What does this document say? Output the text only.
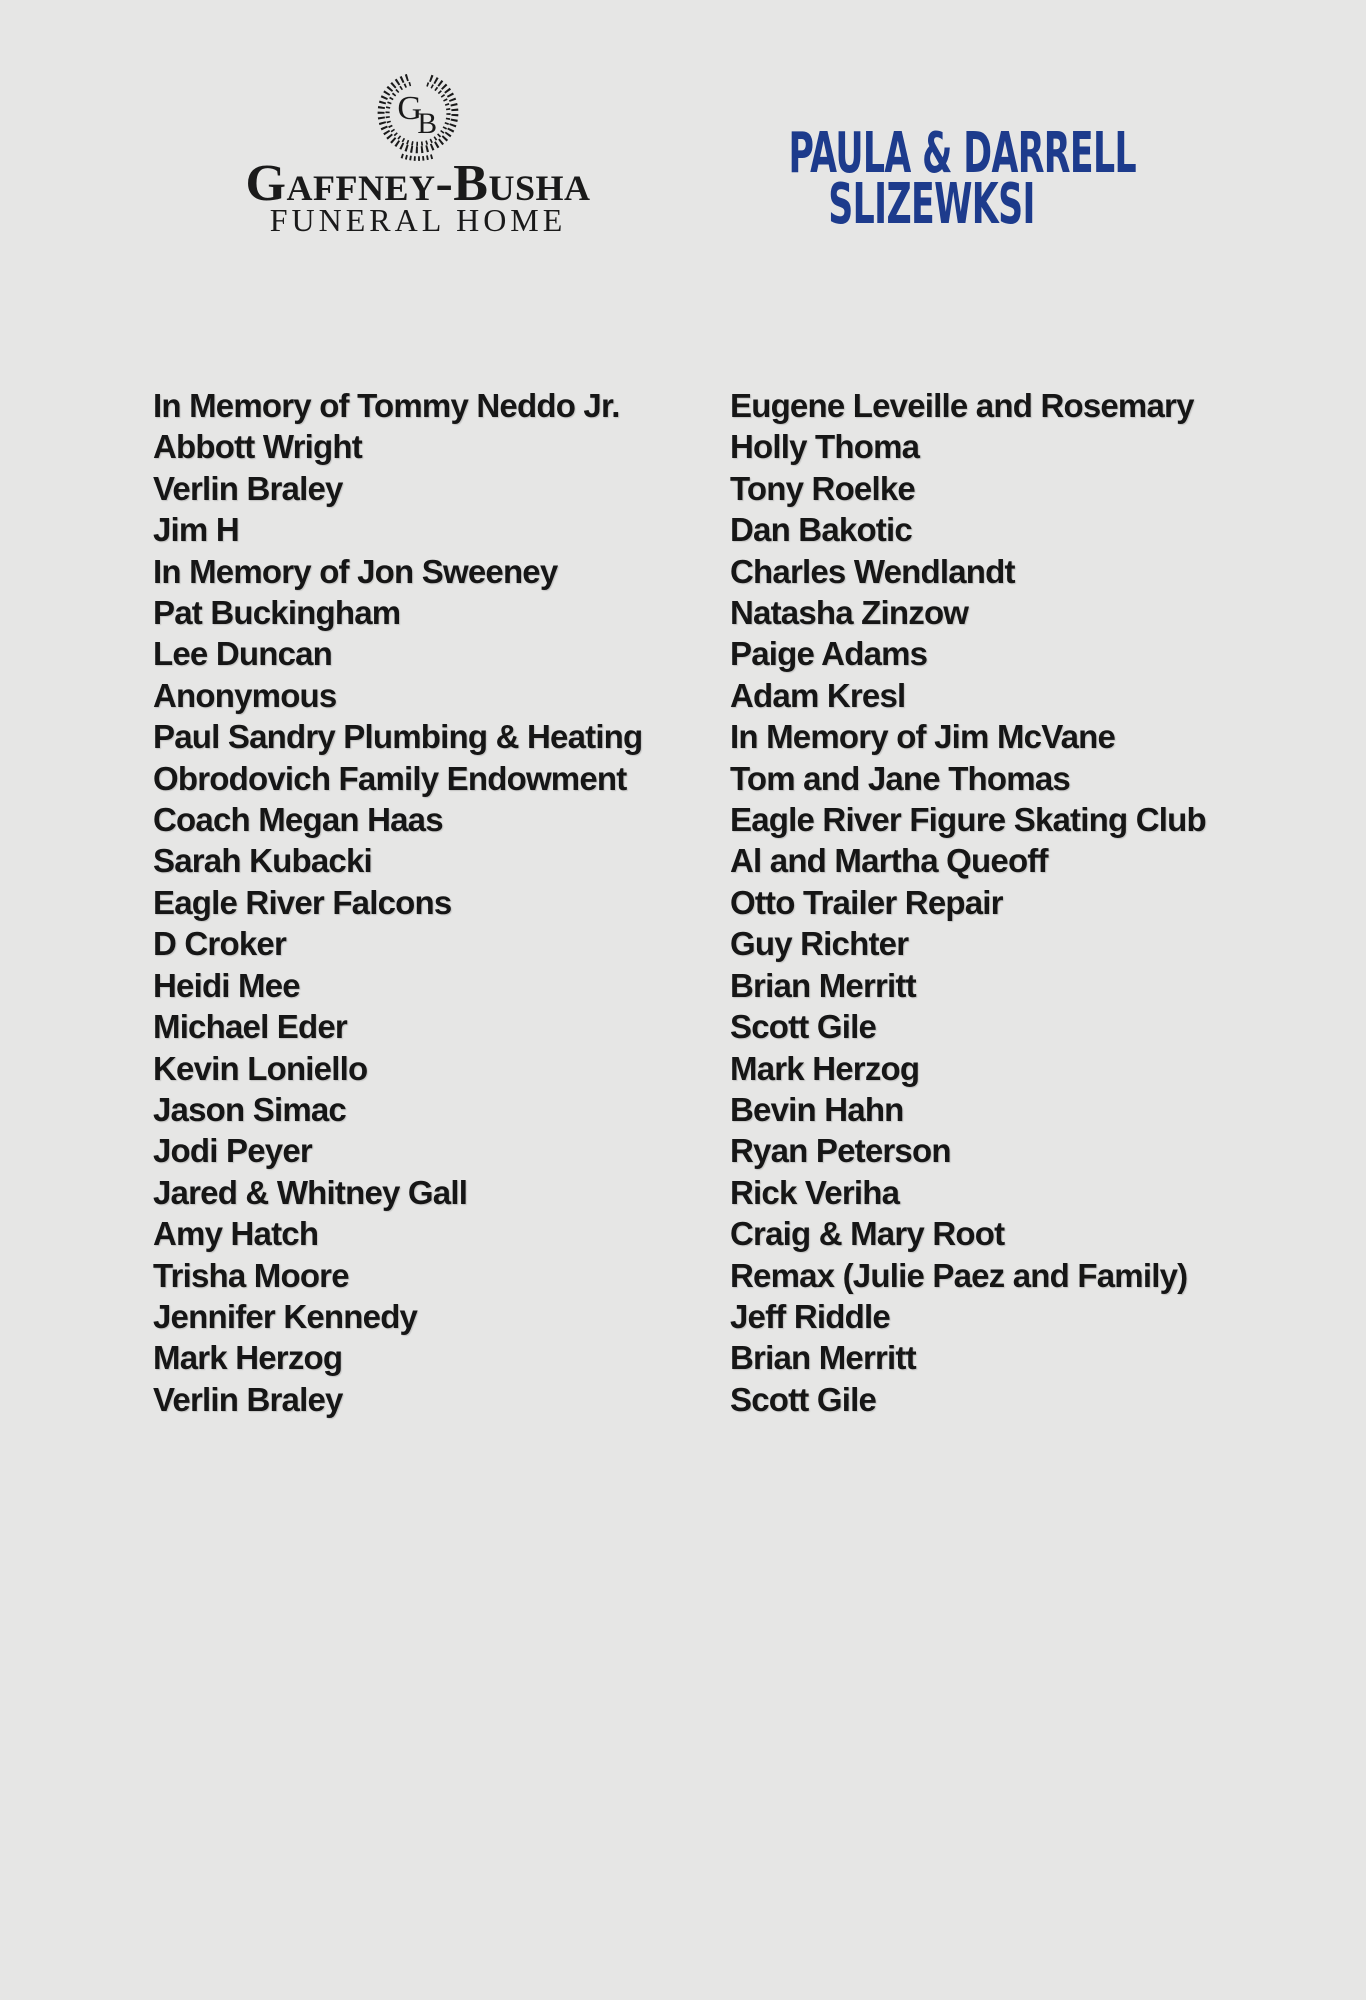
G
B
Gaffney-Busha
FUNERAL HOME
PAULA & DARRELL
SLIZEWKSI
In Memory of Tommy Neddo Jr.
Abbott Wright
Verlin Braley
Jim H
In Memory of Jon Sweeney
Pat Buckingham
Lee Duncan
Anonymous
Paul Sandry Plumbing & Heating
Obrodovich Family Endowment
Coach Megan Haas
Sarah Kubacki
Eagle River Falcons
D Croker
Heidi Mee
Michael Eder
Kevin Loniello
Jason Simac
Jodi Peyer
Jared & Whitney Gall
Amy Hatch
Trisha Moore
Jennifer Kennedy
Mark Herzog
Verlin Braley
Eugene Leveille and Rosemary
Holly Thoma
Tony Roelke
Dan Bakotic
Charles Wendlandt
Natasha Zinzow
Paige Adams
Adam Kresl
In Memory of Jim McVane
Tom and Jane Thomas
Eagle River Figure Skating Club
Al and Martha Queoff
Otto Trailer Repair
Guy Richter
Brian Merritt
Scott Gile
Mark Herzog
Bevin Hahn
Ryan Peterson
Rick Veriha
Craig & Mary Root
Remax (Julie Paez and Family)
Jeff Riddle
Brian Merritt
Scott Gile
